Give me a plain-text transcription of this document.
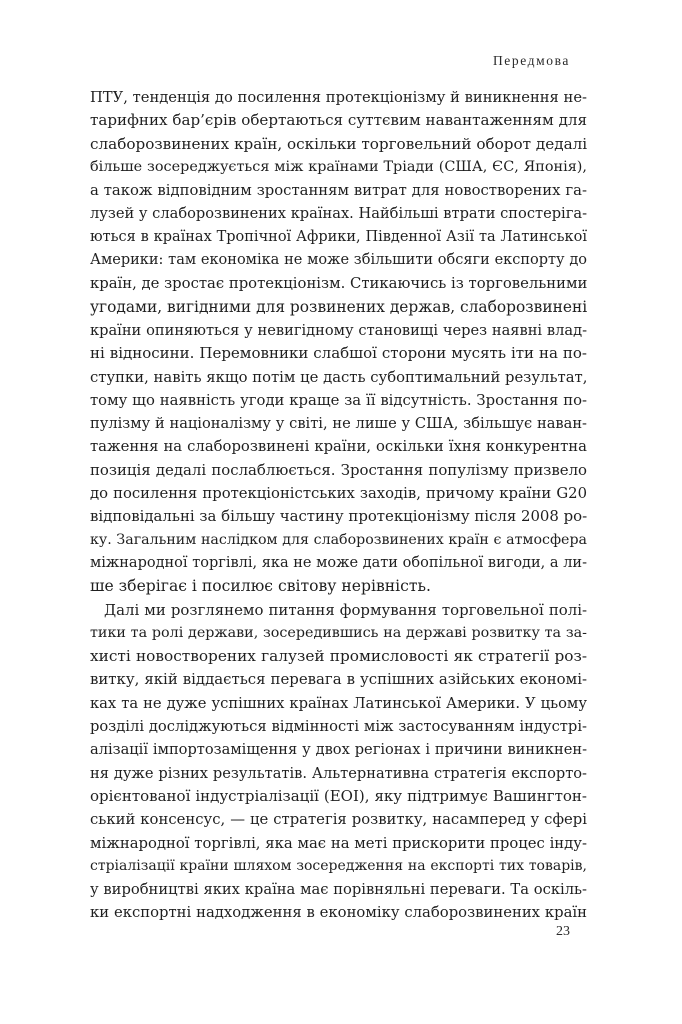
Передмова
ПТУ, тенденція до посилення протекціонізму й виникнення не-
тарифних бар’єрів обертаються суттєвим навантаженням для
слаборозвинених країн, оскільки торговельний оборот дедалі
більше зосереджується між країнами Тріади (США, ЄС, Японія),
а також відповідним зростанням витрат для новостворених га-
лузей у слаборозвинених країнах. Найбільші втрати спостеріга-
ються в країнах Тропічної Африки, Південної Азії та Латинської
Америки: там економіка не може збільшити обсяги експорту до
країн, де зростає протекціонізм. Стикаючись із торговельними
угодами, вигідними для розвинених держав, слаборозвинені
країни опиняються у невигідному становищі через наявні влад-
ні відносини. Перемовники слабшої сторони мусять іти на по-
ступки, навіть якщо потім це дасть субоптимальний результат,
тому що наявність угоди краще за її відсутність. Зростання по-
пулізму й націоналізму у світі, не лише у США, збільшує наван-
таження на слаборозвинені країни, оскільки їхня конкурентна
позиція дедалі послаблюється. Зростання популізму призвело
до посилення протекціоністських заходів, причому країни G20
відповідальні за більшу частину протекціонізму після 2008 ро-
ку. Загальним наслідком для слаборозвинених країн є атмосфера
міжнародної торгівлі, яка не може дати обопільної вигоди, а ли-
ше зберігає і посилює світову нерівність.
Далі ми розглянемо питання формування торговельної полі-
тики та ролі держави, зосередившись на державі розвитку та за-
хисті новостворених галузей промисловості як стратегії роз-
витку, якій віддається перевага в успішних азійських економі-
ках та не дуже успішних країнах Латинської Америки. У цьому
розділі досліджуються відмінності між застосуванням індустрі-
алізації імпортозаміщення у двох регіонах і причини виникнен-
ня дуже різних результатів. Альтернативна стратегія експорто-
орієнтованої індустріалізації (EOI), яку підтримує Вашингтон-
ський консенсус, — це стратегія розвитку, насамперед у сфері
міжнародної торгівлі, яка має на меті прискорити процес інду-
стріалізації країни шляхом зосередження на експорті тих товарів,
у виробництві яких країна має порівняльні переваги. Та оскіль-
ки експортні надходження в економіку слаборозвинених країн
23
